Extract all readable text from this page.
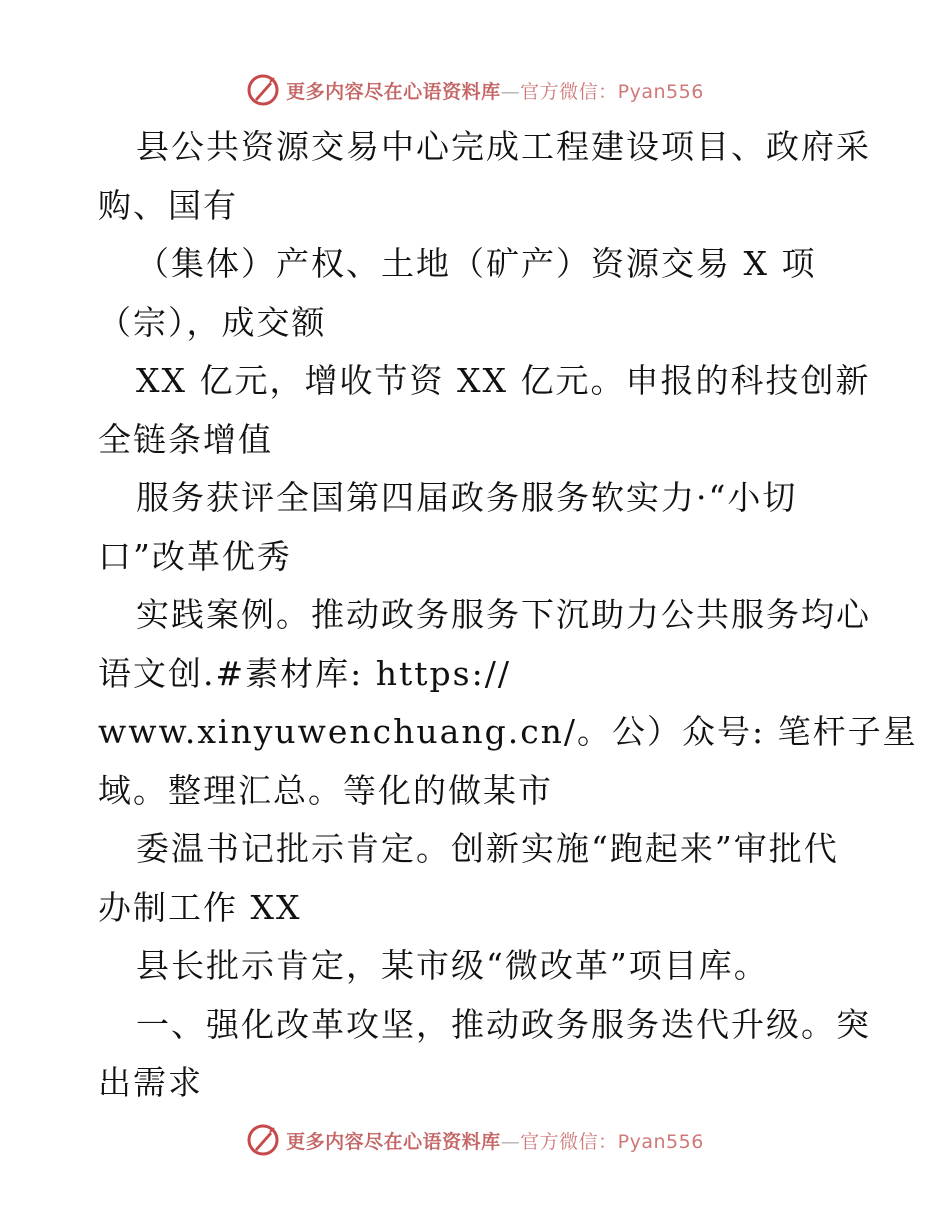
更多内容尽在心语资料库—官方微信：Pyan556
县公共资源交易中心完成工程建设项目、政府采
购、国有
（集体）产权、土地（矿产）资源交易 X 项
（宗），成交额
XX 亿元，增收节资 XX 亿元。申报的科技创新
全链条增值
服务获评全国第四届政务服务软实力·“小切
口”改革优秀
实践案例。推动政务服务下沉助力公共服务均心
语文创.#素材库: https://
www.xinyuwenchuang.cn/。公）众号: 笔杆子星
域。整理汇总。等化的做某市
委温书记批示肯定。创新实施“跑起来”审批代
办制工作 XX
县长批示肯定，某市级“微改革”项目库。
一、强化改革攻坚，推动政务服务迭代升级。突
出需求
更多内容尽在心语资料库—官方微信：Pyan556
